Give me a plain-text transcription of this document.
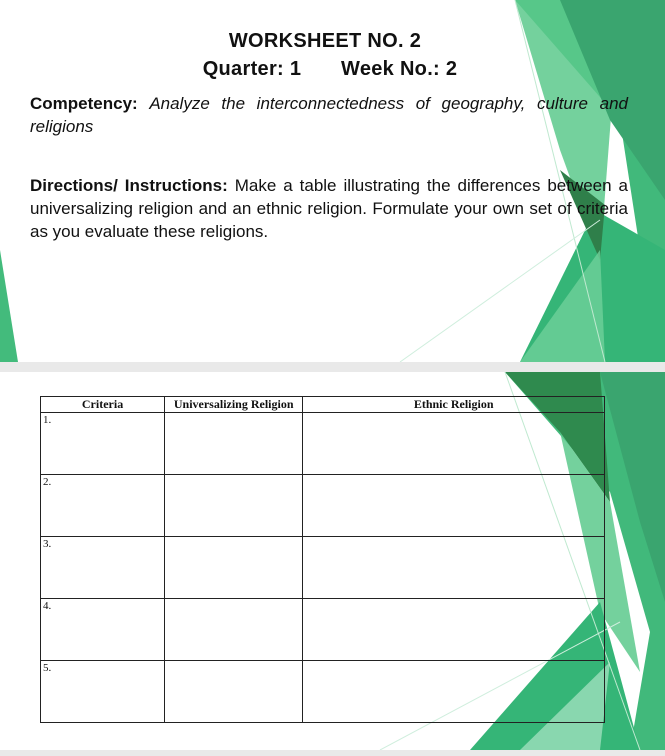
WORKSHEET NO. 2
Quarter: 1 Week No.: 2
Competency: Analyze the interconnectedness of geography, culture and religions
Directions/ Instructions: Make a table illustrating the differences between a universalizing religion and an ethnic religion. Formulate your own set of criteria as you evaluate these religions.
Criteria	Universalizing Religion	Ethnic Religion
1.		
2.		
3.		
4.		
5.		
